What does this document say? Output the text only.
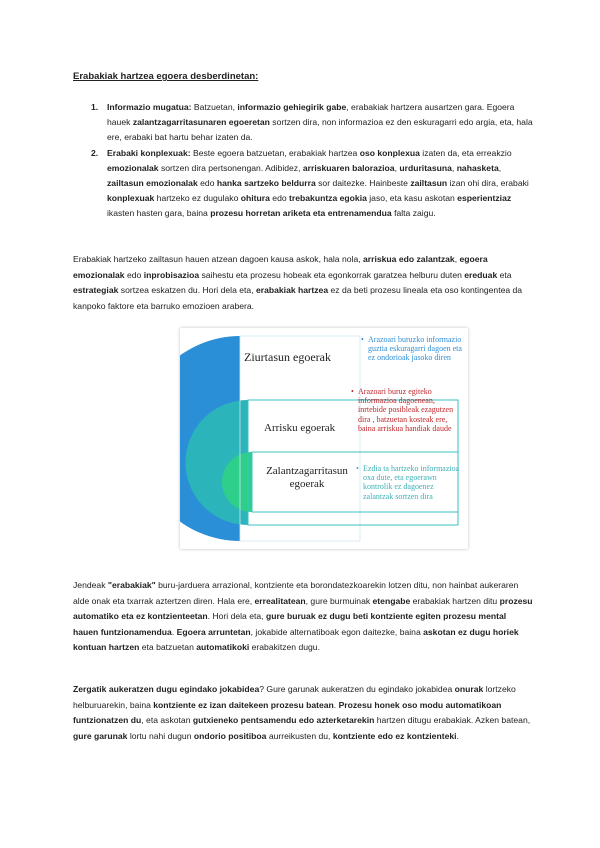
Erabakiak hartzea egoera desberdinetan:
1. Informazio mugatua: Batzuetan, informazio gehiegirik gabe, erabakiak hartzera ausartzen gara. Egoera hauek zalantzagarritasunaren egoeretan sortzen dira, non informazioa ez den eskuragarri edo argia, eta, hala ere, erabaki bat hartu behar izaten da.
2. Erabaki konplexuak: Beste egoera batzuetan, erabakiak hartzea oso konplexua izaten da, eta erreakzio emozionalak sortzen dira pertsonengan. Adibidez, arriskuaren balorazioa, urduritasuna, nahasketa, zailtasun emozionalak edo hanka sartzeko beldurra sor daitezke. Hainbeste zailtasun izan ohi dira, erabaki konplexuak hartzeko ez dugulako ohitura edo trebakuntza egokia jaso, eta kasu askotan esperientziaz ikasten hasten gara, baina prozesu horretan ariketa eta entrenamendua falta zaigu.
Erabakiak hartzeko zailtasun hauen atzean dagoen kausa askok, hala nola, arriskua edo zalantzak, egoera emozionalak edo inprobisazioa saihestu eta prozesu hobeak eta egonkorrak garatzea helburu duten ereduak eta estrategiak sortzea eskatzen du. Hori dela eta, erabakiak hartzea ez da beti prozesu lineala eta oso kontingentea da kanpoko faktore eta barruko emozioen arabera.
Ziurtasun egoerak
Arrisku egoerak
Zalantzagarritasun egoerak
• Arazoari buruzko informazio guztia eskuragarri dagoen eta ez ondorioak jasoko diren
• Arazoari buruz egiteko informazioa dagoenean, inrtebide posibleak ezagutzen dira , batzuetan kosteak ere, baina arriskua handiak daude
• Ezdia ta hartzeko informazioa oxa dute, eta egoerawn kontrolik ez dagoenez zalantzak sortzen dira
Jendeak "erabakiak" buru-jarduera arrazional, kontziente eta borondatezkoarekin lotzen ditu, non hainbat aukeraren alde onak eta txarrak aztertzen diren. Hala ere, errealitatean, gure burmuinak etengabe erabakiak hartzen ditu prozesu automatiko eta ez kontzienteetan. Hori dela eta, gure buruak ez dugu beti kontziente egiten prozesu mental hauen funtzionamendua. Egoera arruntetan, jokabide alternatiboak egon daitezke, baina askotan ez dugu horiek kontuan hartzen eta batzuetan automatikoki erabakitzen dugu.
Zergatik aukeratzen dugu egindako jokabidea? Gure garunak aukeratzen du egindako jokabidea onurak lortzeko helburuarekin, baina kontziente ez izan daitekeen prozesu batean. Prozesu honek oso modu automatikoan funtzionatzen du, eta askotan gutxieneko pentsamendu edo azterketarekin hartzen ditugu erabakiak. Azken batean, gure garunak lortu nahi dugun ondorio positiboa aurreikusten du, kontziente edo ez kontzienteki.
